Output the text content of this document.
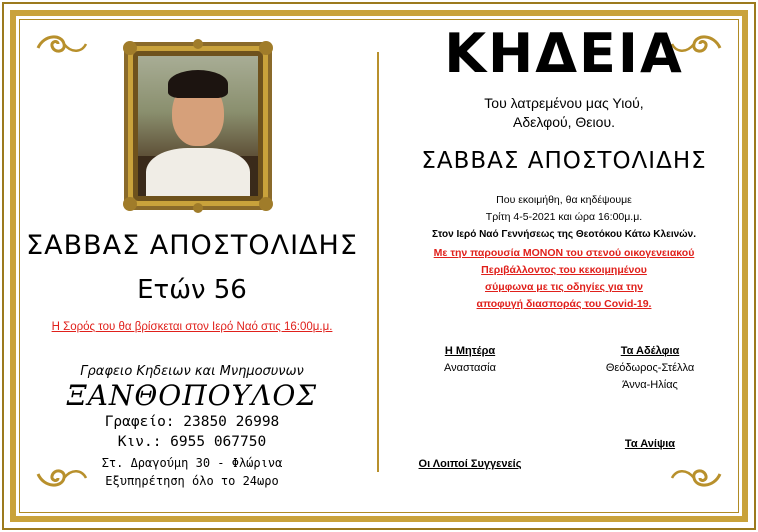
ΣΑΒΒΑΣ ΑΠΟΣΤΟΛΙΔΗΣ
Ετών 56
Η Σορός του θα βρίσκεται στον Ιερό Ναό στις 16:00μ.μ.
Γραφειο Κηδειων και Μνημοσυνων
ΞΑΝΘΟΠΟΥΛΟΣ
Γραφείο: 23850 26998
Κιν.: 6955 067750
Στ. Δραγούμη 30 - Φλώρινα
Εξυπηρέτηση όλο το 24ωρο
ΚΗΔΕΙΑ
Του λατρεμένου μας Υιού,
Αδελφού, Θειου.
ΣΑΒΒΑΣ ΑΠΟΣΤΟΛΙΔΗΣ
Που εκοιμήθη, θα κηδέψουμε
Τρίτη 4-5-2021 και ώρα 16:00μ.μ.
Στον Ιερό Ναό Γεννήσεως της Θεοτόκου Κάτω Κλεινών.
Με την παρουσία ΜΟΝΟΝ του στενού οικογενειακού
Περιβάλλοντος του κεκοιμημένου
σύμφωνα με τις οδηγίες για την
αποφυγή διασποράς του Covid-19.
Η Μητέρα
Αναστασία
Τα Αδέλφια
Θεόδωρος-Στέλλα
Άννα-Ηλίας
Τα Ανίψια
Οι Λοιποί Συγγενείς
